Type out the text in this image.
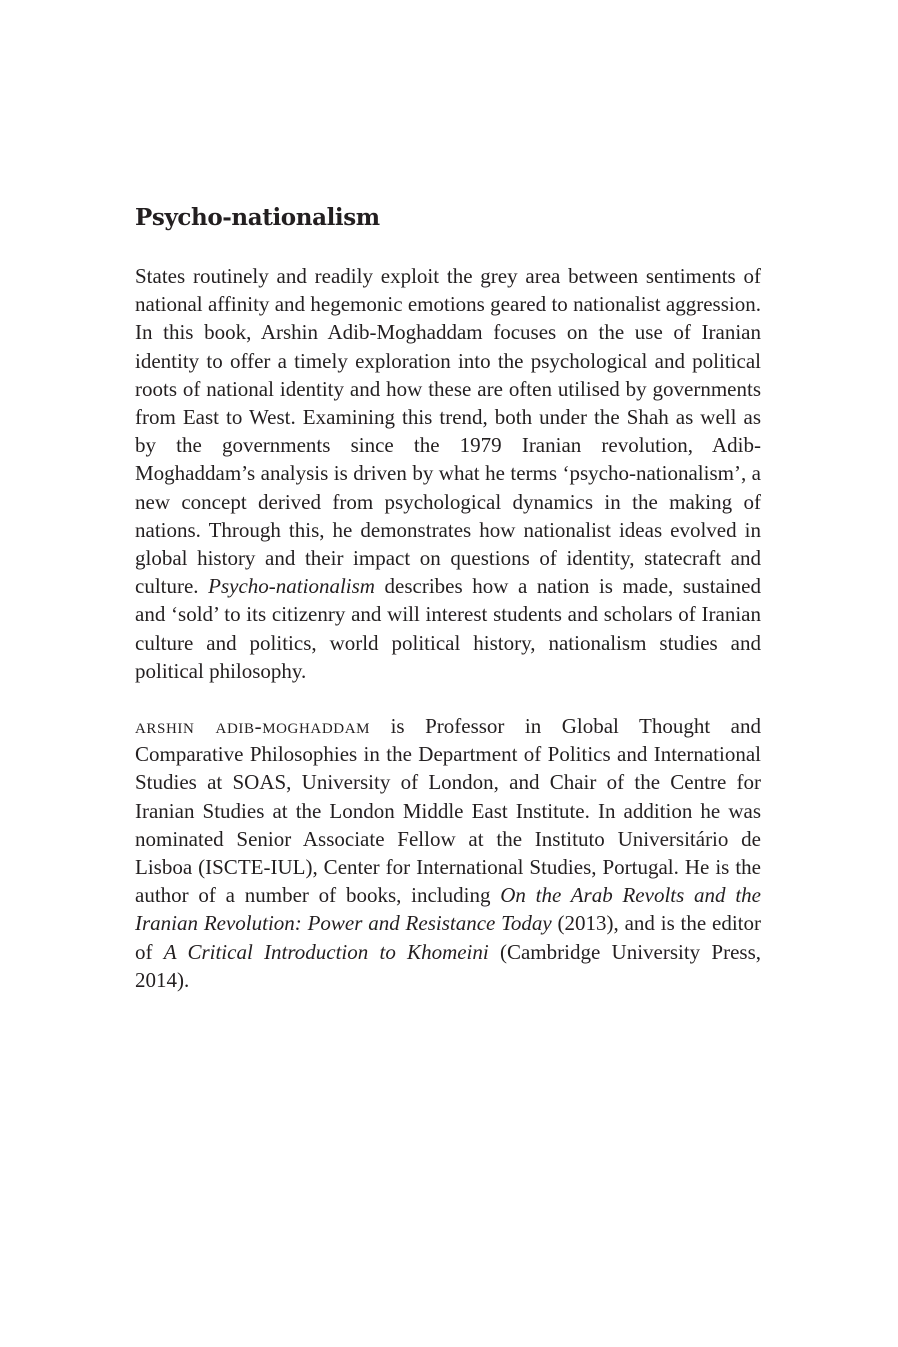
Psycho-nationalism

States routinely and readily exploit the grey area between sentiments of national affinity and hegemonic emotions geared to nationalist aggression. In this book, Arshin Adib-Moghaddam focuses on the use of Iranian identity to offer a timely exploration into the psychological and political roots of national identity and how these are often utilised by governments from East to West. Examining this trend, both under the Shah as well as by the governments since the 1979 Iranian revolution, Adib-Moghaddam’s analysis is driven by what he terms ‘psycho-nationalism’, a new concept derived from psychological dynamics in the making of nations. Through this, he demonstrates how nationalist ideas evolved in global history and their impact on questions of identity, statecraft and culture. Psycho-nationalism describes how a nation is made, sustained and ‘sold’ to its citizenry and will interest students and scholars of Iranian culture and politics, world political history, nationalism studies and political philosophy.

arshin adib-moghaddam is Professor in Global Thought and Comparative Philosophies in the Department of Politics and International Studies at SOAS, University of London, and Chair of the Centre for Iranian Studies at the London Middle East Institute. In addition he was nominated Senior Associate Fellow at the Instituto Universitário de Lisboa (ISCTE-IUL), Center for International Studies, Portugal. He is the author of a number of books, including On the Arab Revolts and the Iranian Revolution: Power and Resistance Today (2013), and is the editor of A Critical Introduction to Khomeini (Cambridge University Press, 2014).
